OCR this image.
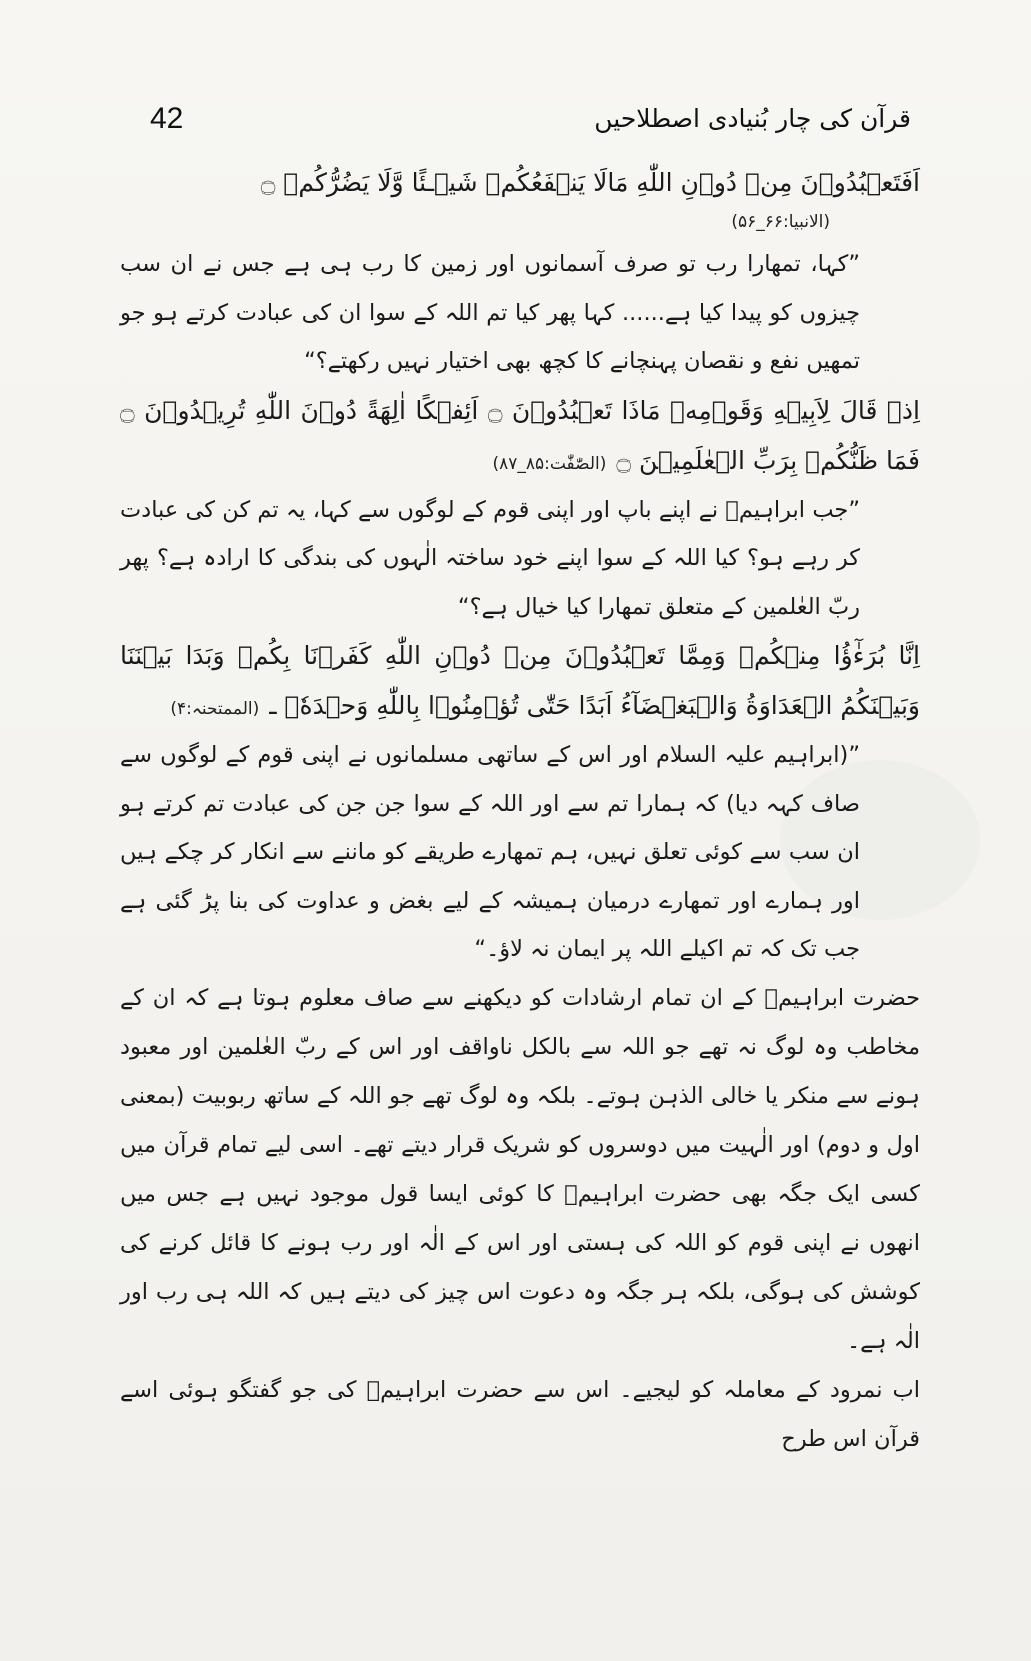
قرآن کی چار بُنیادی اصطلاحیں
42

اَفَتَعۡبُدُوۡنَ مِنۡ دُوۡنِ اللّٰهِ مَالَا يَنۡفَعُكُمۡ شَيۡـئًا وَّلَا يَضُرُّكُمۡ ۝

(الانبیا:۶۶_۵۶)

”کہا، تمھارا رب تو صرف آسمانوں اور زمین کا رب ہی ہے جس نے ان سب چیزوں کو پیدا کیا ہے...... کہا پھر کیا تم اللہ کے سوا ان کی عبادت کرتے ہو جو تمھیں نفع و نقصان پہنچانے کا کچھ بھی اختیار نہیں رکھتے؟“

اِذۡ قَالَ لِاَبِيۡهِ وَقَوۡمِهٖ مَاذَا تَعۡبُدُوۡنَ ۝ اَئِفۡكًا اٰلِهَةً دُوۡنَ اللّٰهِ تُرِيۡدُوۡنَ ۝ فَمَا ظَنُّكُمۡ بِرَبِّ الۡعٰلَمِيۡنَ ۝(الصّٰفّٰت:۸۵_۸۷)

”جب ابراہیمؑ نے اپنے باپ اور اپنی قوم کے لوگوں سے کہا، یہ تم کن کی عبادت کر رہے ہو؟ کیا اللہ کے سوا اپنے خود ساختہ الٰہوں کی بندگی کا ارادہ ہے؟ پھر ربّ العٰلمین کے متعلق تمھارا کیا خیال ہے؟“

اِنَّا بُرَءٰٓؤُا مِنۡكُمۡ وَمِمَّا تَعۡبُدُوۡنَ مِنۡ دُوۡنِ اللّٰهِ كَفَرۡنَا بِكُمۡ وَبَدَا بَيۡنَنَا وَبَيۡنَكُمُ الۡعَدَاوَةُ وَالۡبَغۡضَآءُ اَبَدًا حَتّٰى تُؤۡمِنُوۡا بِاللّٰهِ وَحۡدَهٗۤ ـ(الممتحنہ:۴)

”(ابراہیم علیہ السلام اور اس کے ساتھی مسلمانوں نے اپنی قوم کے لوگوں سے صاف کہہ دیا) کہ ہمارا تم سے اور اللہ کے سوا جن جن کی عبادت تم کرتے ہو ان سب سے کوئی تعلق نہیں، ہم تمھارے طریقے کو ماننے سے انکار کر چکے ہیں اور ہمارے اور تمھارے درمیان ہمیشہ کے لیے بغض و عداوت کی بنا پڑ گئی ہے جب تک کہ تم اکیلے اللہ پر ایمان نہ لاؤ۔“

حضرت ابراہیمؑ کے ان تمام ارشادات کو دیکھنے سے صاف معلوم ہوتا ہے کہ ان کے مخاطب وہ لوگ نہ تھے جو اللہ سے بالکل ناواقف اور اس کے ربّ العٰلمین اور معبود ہونے سے منکر یا خالی الذہن ہوتے۔ بلکہ وہ لوگ تھے جو اللہ کے ساتھ ربوبیت (بمعنی اول و دوم) اور الٰہیت میں دوسروں کو شریک قرار دیتے تھے۔ اسی لیے تمام قرآن میں کسی ایک جگہ بھی حضرت ابراہیمؑ کا کوئی ایسا قول موجود نہیں ہے جس میں انھوں نے اپنی قوم کو اللہ کی ہستی اور اس کے الٰہ اور رب ہونے کا قائل کرنے کی کوشش کی ہوگی، بلکہ ہر جگہ وہ دعوت اس چیز کی دیتے ہیں کہ اللہ ہی رب اور الٰہ ہے۔

اب نمرود کے معاملہ کو لیجیے۔ اس سے حضرت ابراہیمؑ کی جو گفتگو ہوئی اسے قرآن اس طرح
